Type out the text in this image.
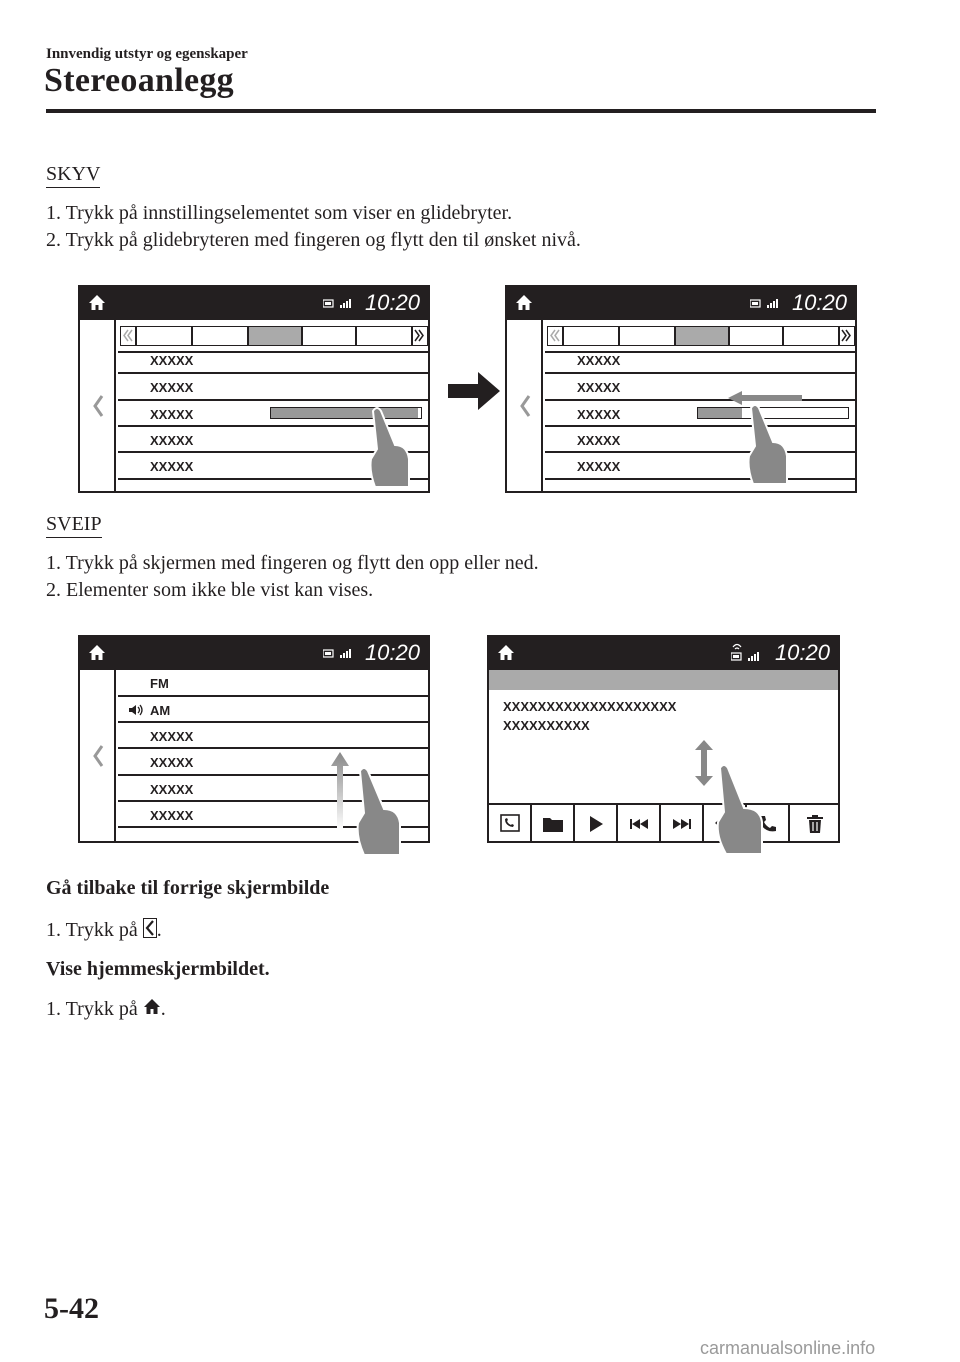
Innvendig utstyr og egenskaper
Stereoanlegg
SKYV
1. Trykk på innstillingselementet som viser en glidebryter.
2. Trykk på glidebryteren med fingeren og flytt den til ønsket nivå.
10:20
XXXXX
XXXXX
XXXXX
XXXXX
XXXXX
10:20
XXXXX
XXXXX
XXXXX
XXXXX
XXXXX
SVEIP
1. Trykk på skjermen med fingeren og flytt den opp eller ned.
2. Elementer som ikke ble vist kan vises.
10:20
FM
AM
XXXXX
XXXXX
XXXXX
XXXXX
10:20
XXXXXXXXXXXXXXXXXXXX
XXXXXXXXXX
Gå tilbake til forrige skjermbilde
1. Trykk på .
Vise hjemmeskjermbildet.
1. Trykk på .
5-42
carmanualsonline.info
